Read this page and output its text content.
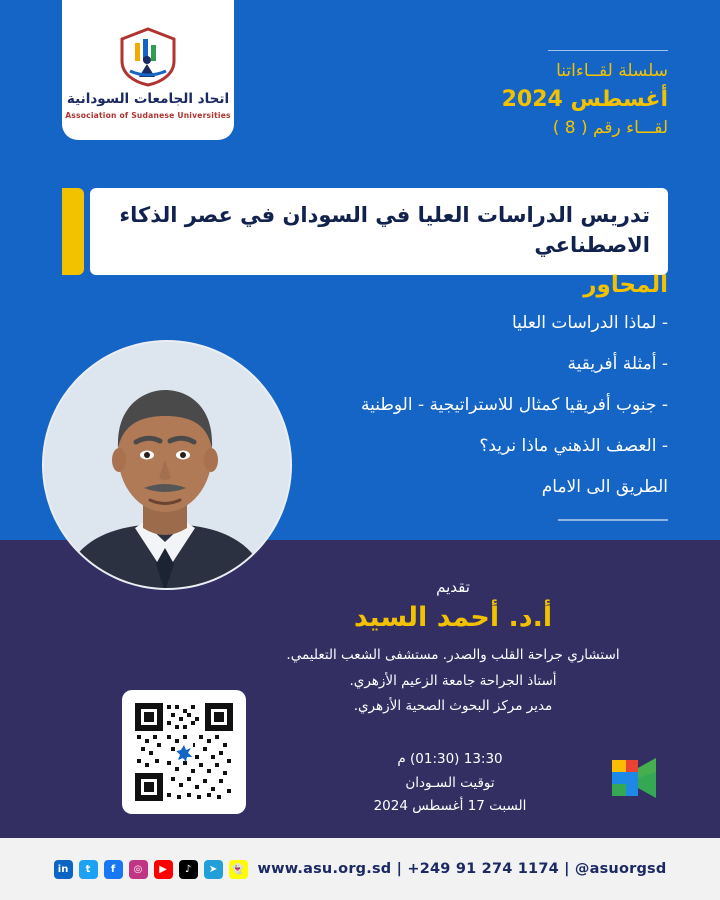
اتحاد الجامعات السودانية
Association of Sudanese Universities
سلسلة لقــاءاتنا
أغسطس 2024
لقـــاء رقم ( 8 )
تدريس الدراسات العليا في السودان في عصر الذكاء الاصطناعي
المحاور
- لماذا الدراسات العليا
- أمثلة أفريقية
- جنوب أفريقيا كمثال للاستراتيجية - الوطنية
- العصف الذهني ماذا نريد؟
الطريق الى الامام
تقديم
أ.د. أحمد السيد
استشاري جراحة القلب والصدر. مستشفى الشعب التعليمي.
أستاذ الجراحة جامعة الزعيم الأزهري.
مدير مركز البحوث الصحية الأزهري.
13:30 (01:30) م
توقيت السـودان
السبت 17 أغسطس 2024
www.asu.org.sd | +249 91 274 1174 | @asuorgsd
in	t	f	◎	▶	♪	➤	👻
